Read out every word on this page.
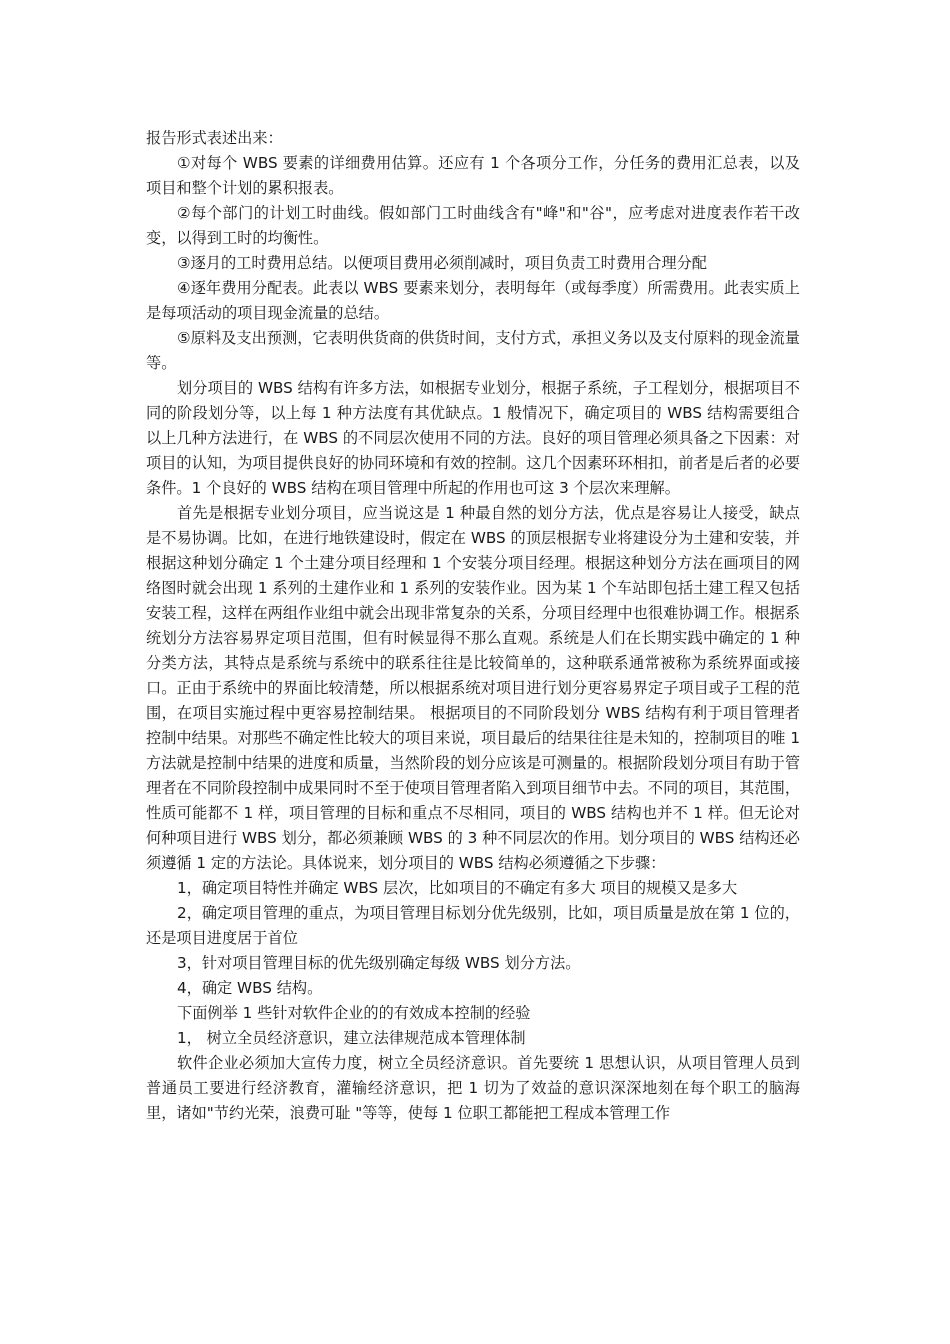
报告形式表述出来：

①对每个 WBS 要素的详细费用估算。还应有 1 个各项分工作，分任务的费用汇总表，以及项目和整个计划的累积报表。

②每个部门的计划工时曲线。假如部门工时曲线含有"峰"和"谷"，应考虑对进度表作若干改变，以得到工时的均衡性。

③逐月的工时费用总结。以便项目费用必须削减时，项目负责工时费用合理分配

④逐年费用分配表。此表以 WBS 要素来划分，表明每年（或每季度）所需费用。此表实质上是每项活动的项目现金流量的总结。

⑤原料及支出预测，它表明供货商的供货时间，支付方式，承担义务以及支付原料的现金流量等。

划分项目的 WBS 结构有许多方法，如根据专业划分，根据子系统，子工程划分，根据项目不同的阶段划分等，以上每 1 种方法度有其优缺点。1 般情况下，确定项目的 WBS 结构需要组合以上几种方法进行，在 WBS 的不同层次使用不同的方法。良好的项目管理必须具备之下因素：对项目的认知，为项目提供良好的协同环境和有效的控制。这几个因素环环相扣，前者是后者的必要条件。1 个良好的 WBS 结构在项目管理中所起的作用也可这 3 个层次来理解。

首先是根据专业划分项目，应当说这是 1 种最自然的划分方法，优点是容易让人接受，缺点是不易协调。比如，在进行地铁建设时，假定在 WBS 的顶层根据专业将建设分为土建和安装，并根据这种划分确定 1 个土建分项目经理和 1 个安装分项目经理。根据这种划分方法在画项目的网络图时就会出现 1 系列的土建作业和 1 系列的安装作业。因为某 1 个车站即包括土建工程又包括安装工程，这样在两组作业组中就会出现非常复杂的关系，分项目经理中也很难协调工作。根据系统划分方法容易界定项目范围，但有时候显得不那么直观。系统是人们在长期实践中确定的 1 种分类方法，其特点是系统与系统中的联系往往是比较简单的，这种联系通常被称为系统界面或接口。正由于系统中的界面比较清楚，所以根据系统对项目进行划分更容易界定子项目或子工程的范围，在项目实施过程中更容易控制结果。 根据项目的不同阶段划分 WBS 结构有利于项目管理者控制中结果。对那些不确定性比较大的项目来说，项目最后的结果往往是未知的，控制项目的唯 1 方法就是控制中结果的进度和质量，当然阶段的划分应该是可测量的。根据阶段划分项目有助于管理者在不同阶段控制中成果同时不至于使项目管理者陷入到项目细节中去。不同的项目，其范围，性质可能都不 1 样，项目管理的目标和重点不尽相同，项目的 WBS 结构也并不 1 样。但无论对何种项目进行 WBS 划分，都必须兼顾 WBS 的 3 种不同层次的作用。划分项目的 WBS 结构还必须遵循 1 定的方法论。具体说来，划分项目的 WBS 结构必须遵循之下步骤：

1，确定项目特性并确定 WBS 层次，比如项目的不确定有多大 项目的规模又是多大

2，确定项目管理的重点，为项目管理目标划分优先级别，比如，项目质量是放在第 1 位的，还是项目进度居于首位

3，针对项目管理目标的优先级别确定每级 WBS 划分方法。

4，确定 WBS 结构。

下面例举 1 些针对软件企业的的有效成本控制的经验

1， 树立全员经济意识，建立法律规范成本管理体制

软件企业必须加大宣传力度，树立全员经济意识。首先要统 1 思想认识，从项目管理人员到普通员工要进行经济教育，灌输经济意识，把 1 切为了效益的意识深深地刻在每个职工的脑海里，诸如"节约光荣，浪费可耻 "等等，使每 1 位职工都能把工程成本管理工作
